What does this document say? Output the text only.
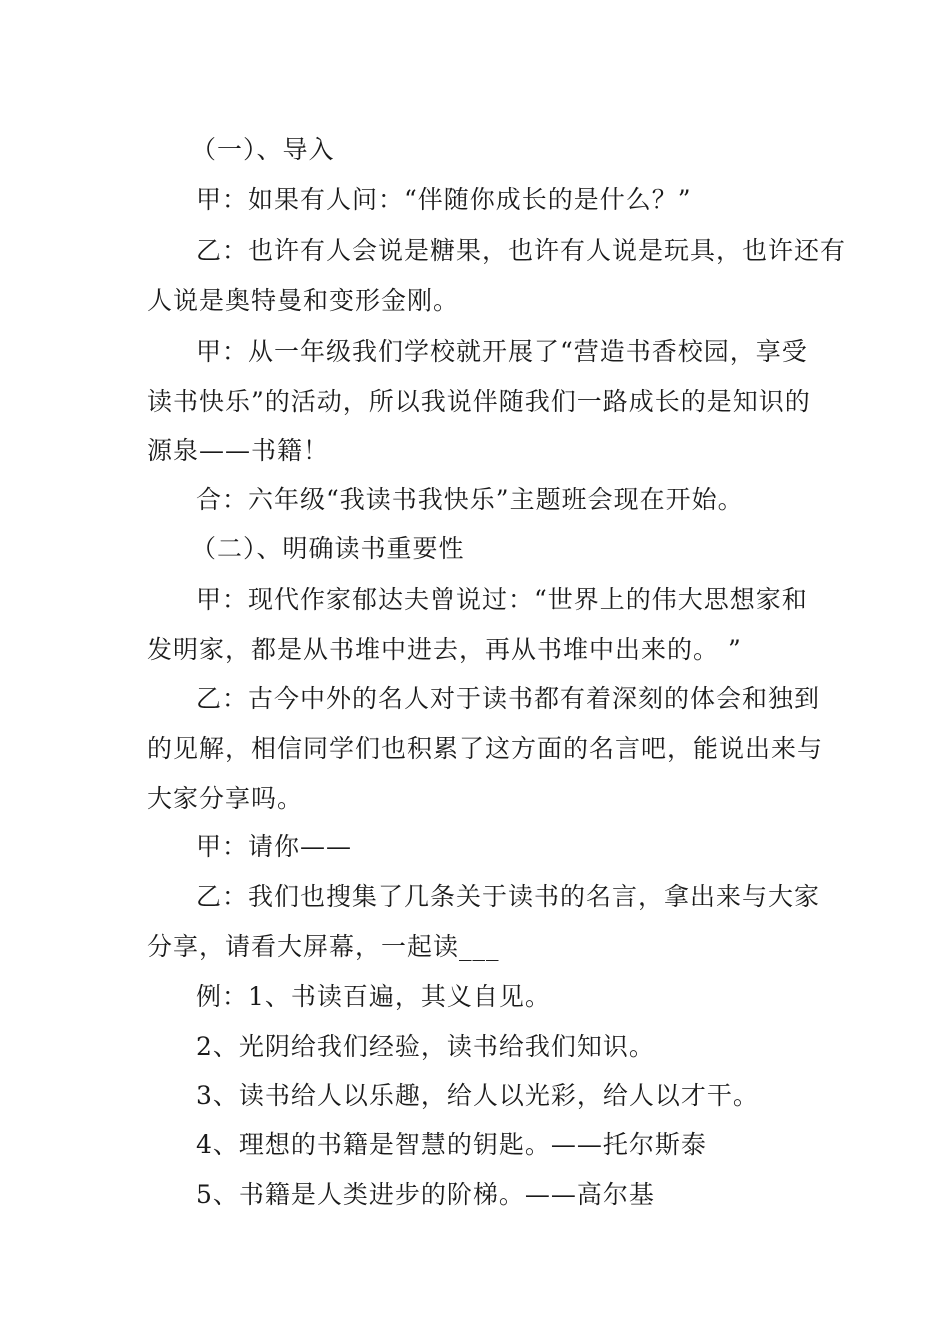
（一）、导入
甲：如果有人问：“伴随你成长的是什么？”
乙：也许有人会说是糖果，也许有人说是玩具，也许还有
人说是奥特曼和变形金刚。
甲：从一年级我们学校就开展了“营造书香校园，享受
读书快乐”的活动，所以我说伴随我们一路成长的是知识的
源泉——书籍！
合：六年级“我读书我快乐”主题班会现在开始。
（二）、明确读书重要性
甲：现代作家郁达夫曾说过：“世界上的伟大思想家和
发明家，都是从书堆中进去，再从书堆中出来的。 ”
乙：古今中外的名人对于读书都有着深刻的体会和独到
的见解，相信同学们也积累了这方面的名言吧，能说出来与
大家分享吗。
甲：请你——
乙：我们也搜集了几条关于读书的名言，拿出来与大家
分享，请看大屏幕，一起读___
例：1、书读百遍，其义自见。
2、光阴给我们经验，读书给我们知识。
3、读书给人以乐趣，给人以光彩，给人以才干。
4、理想的书籍是智慧的钥匙。——托尔斯泰
5、书籍是人类进步的阶梯。——高尔基
